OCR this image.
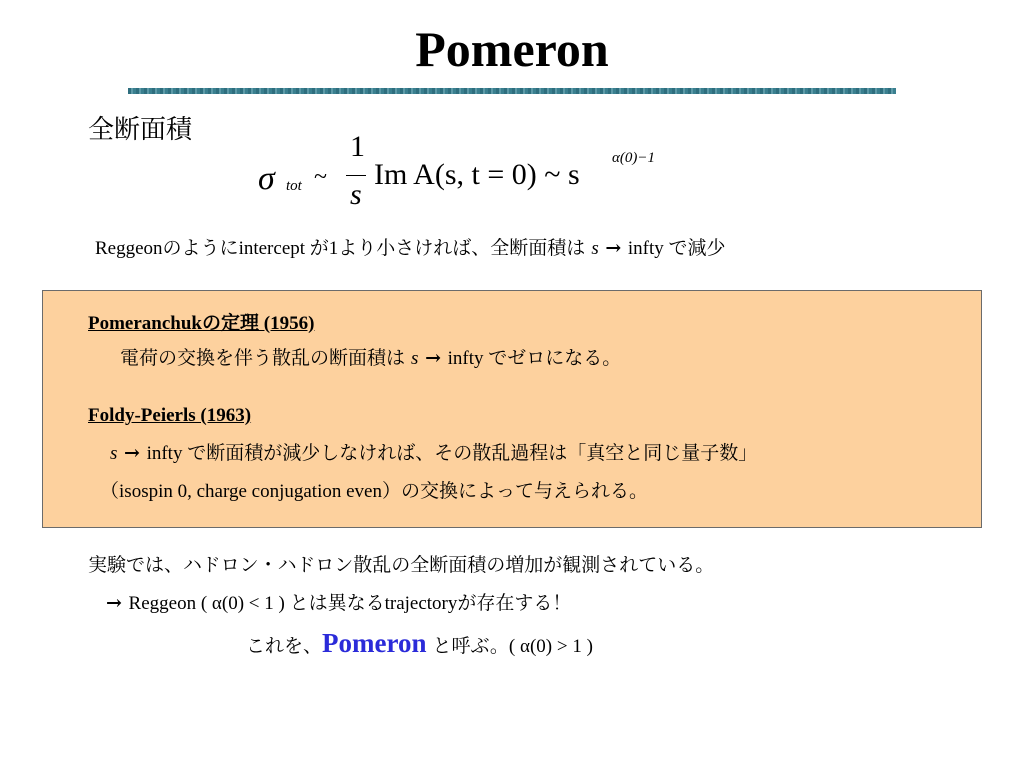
Pomeron
全断面積
σ tot ~
1
s
Im A(s, t = 0) ~ s α(0)−1
Reggeonのようにintercept が1より小さければ、全断面積は s → infty で減少
Pomeranchukの定理 (1956)
電荷の交換を伴う散乱の断面積は s → infty でゼロになる。
Foldy-Peierls (1963)
s → infty で断面積が減少しなければ、その散乱過程は「真空と同じ量子数」
（isospin 0, charge conjugation even）の交換によって与えられる。
実験では、ハドロン・ハドロン散乱の全断面積の増加が観測されている。
→ Reggeon ( α(0) < 1 ) とは異なるtrajectoryが存在する！
これを、Pomeron と呼ぶ。( α(0) > 1 )
